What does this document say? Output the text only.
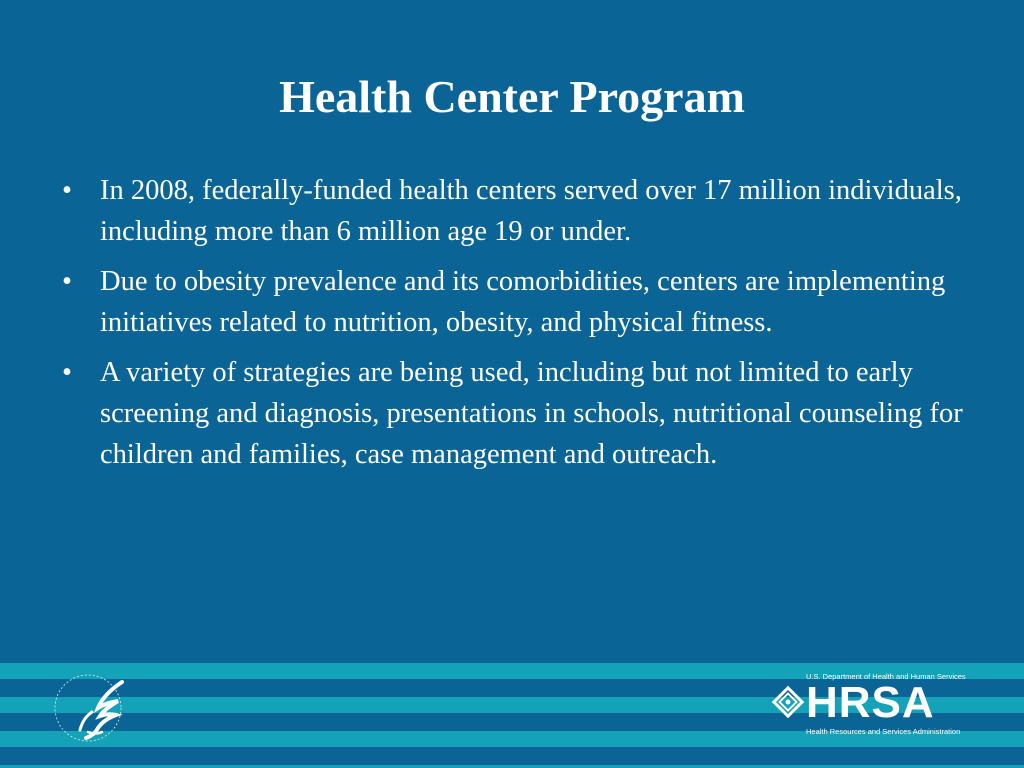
Health Center Program
• In 2008, federally-funded health centers served over 17 million individuals, including more than 6 million age 19 or under.
• Due to obesity prevalence and its comorbidities, centers are implementing initiatives related to nutrition, obesity, and physical fitness.
• A variety of strategies are being used, including but not limited to early screening and diagnosis, presentations in schools, nutritional counseling for children and families, case management and outreach.
U.S. Department of Health and Human Services
HRSA
Health Resources and Services Administration
